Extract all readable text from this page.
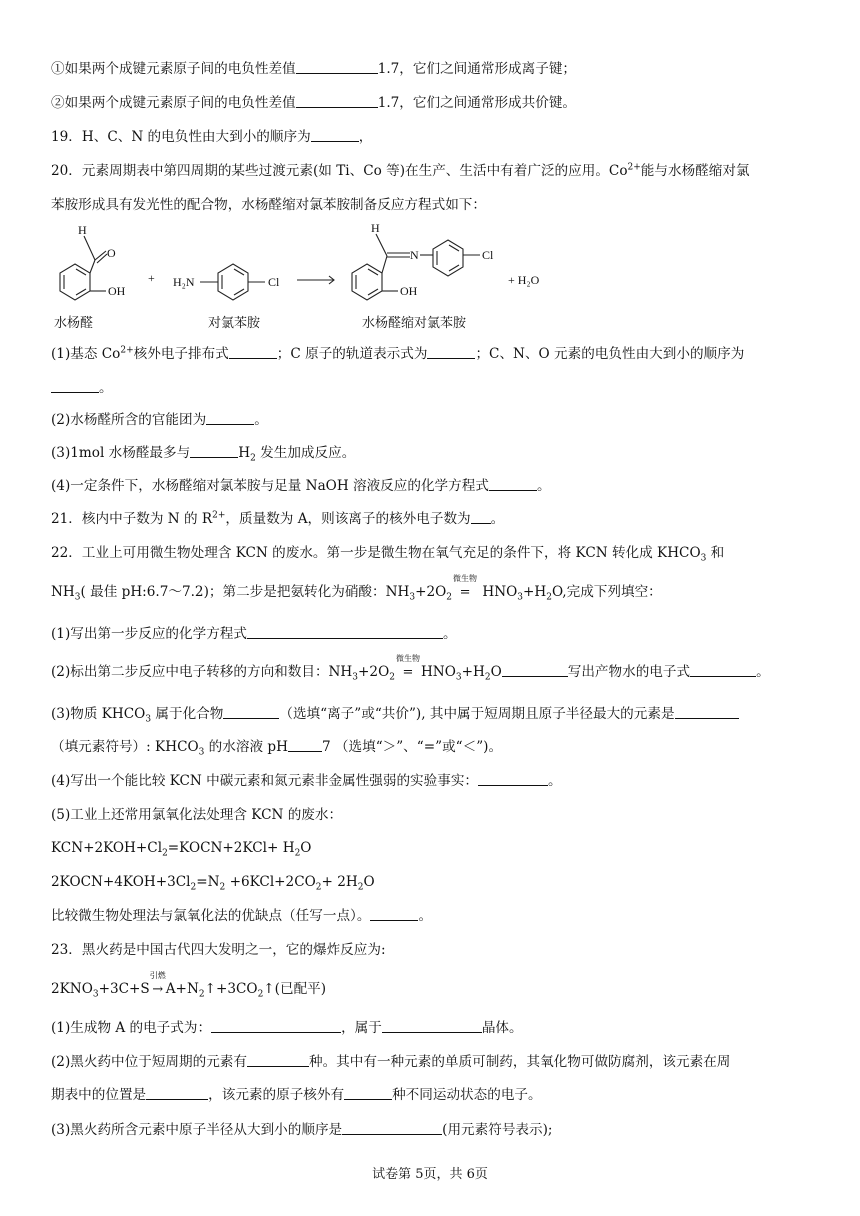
①如果两个成键元素原子间的电负性差值	1.7，它们之间通常形成离子键；
②如果两个成键元素原子间的电负性差值	1.7，它们之间通常形成共价键。
19．H、C、N 的电负性由大到小的顺序为	，
20．元素周期表中第四周期的某些过渡元素(如 Ti、Co 等)在生产、生活中有着广泛的应用。$Co^{2+}$能与水杨醛缩对氯
苯胺形成具有发光性的配合物，水杨醛缩对氯苯胺制备反应方程式如下：
H
O
OH
+ H₂N	Cl
H
N
OH
Cl
+ H₂O
水杨醛	对氯苯胺	水杨醛缩对氯苯胺
(1)基态 $Co^{2+}$核外电子排布式	；C 原子的轨道表示式为	；C、N、O 元素的电负性由大到小的顺序为
。
(2)水杨醛所含的官能团为	。
(3)1mol 水杨醛最多与	$H_2$ 发生加成反应。
(4)一定条件下，水杨醛缩对氯苯胺与足量 NaOH 溶液反应的化学方程式	。
21．核内中子数为 N 的 $R^{2+}$，质量数为 A，则该离子的核外电子数为 。
22．工业上可用微生物处理含 KCN 的废水。第一步是微生物在氧气充足的条件下，将 KCN 转化成 $KHCO_3$ 和
$NH_3$( 最佳 pH:6.7～7.2)；第二步是把氨转化为硝酸：$NH_3+2O_2$
微生物
= $HNO_3+H_2O$,完成下列填空：
(1)写出第一步反应的化学方程式	。
(2)标出第二步反应中电子转移的方向和数目：$NH_3+2O_2$
微生物
= $HNO_3+H_2O$	写出产物水的电子式	。
(3)物质 $KHCO_3$ 属于化合物	（选填“离子”或“共价”), 其中属于短周期且原子半径最大的元素是
（填元素符号）: $KHCO_3$ 的水溶液 pH	7 （选填“＞”、“=”或“＜”)。
(4)写出一个能比较 KCN 中碳元素和氮元素非金属性强弱的实验事实：	。
(5)工业上还常用氯氧化法处理含 KCN 的废水：
$KCN+2KOH+Cl_2=KOCN+2KCl+ H_2O$
$2KOCN+4KOH+3Cl_2=N_2 +6KCl+2CO_2+ 2H_2O$
比较微生物处理法与氯氧化法的优缺点（任写一点）。	。
23．黑火药是中国古代四大发明之一，它的爆炸反应为:
$2KNO_3+3C+S$
引燃
→ $A+N_2↑+3CO_2↑$(已配平)
(1)生成物 A 的电子式为：	，属于	晶体。
(2)黑火药中位于短周期的元素有	种。其中有一种元素的单质可制药，其氧化物可做防腐剂，该元素在周
期表中的位置是	，该元素的原子核外有	种不同运动状态的电子。
(3)黑火药所含元素中原子半径从大到小的顺序是	(用元素符号表示);
试卷第 5页，共 6页
